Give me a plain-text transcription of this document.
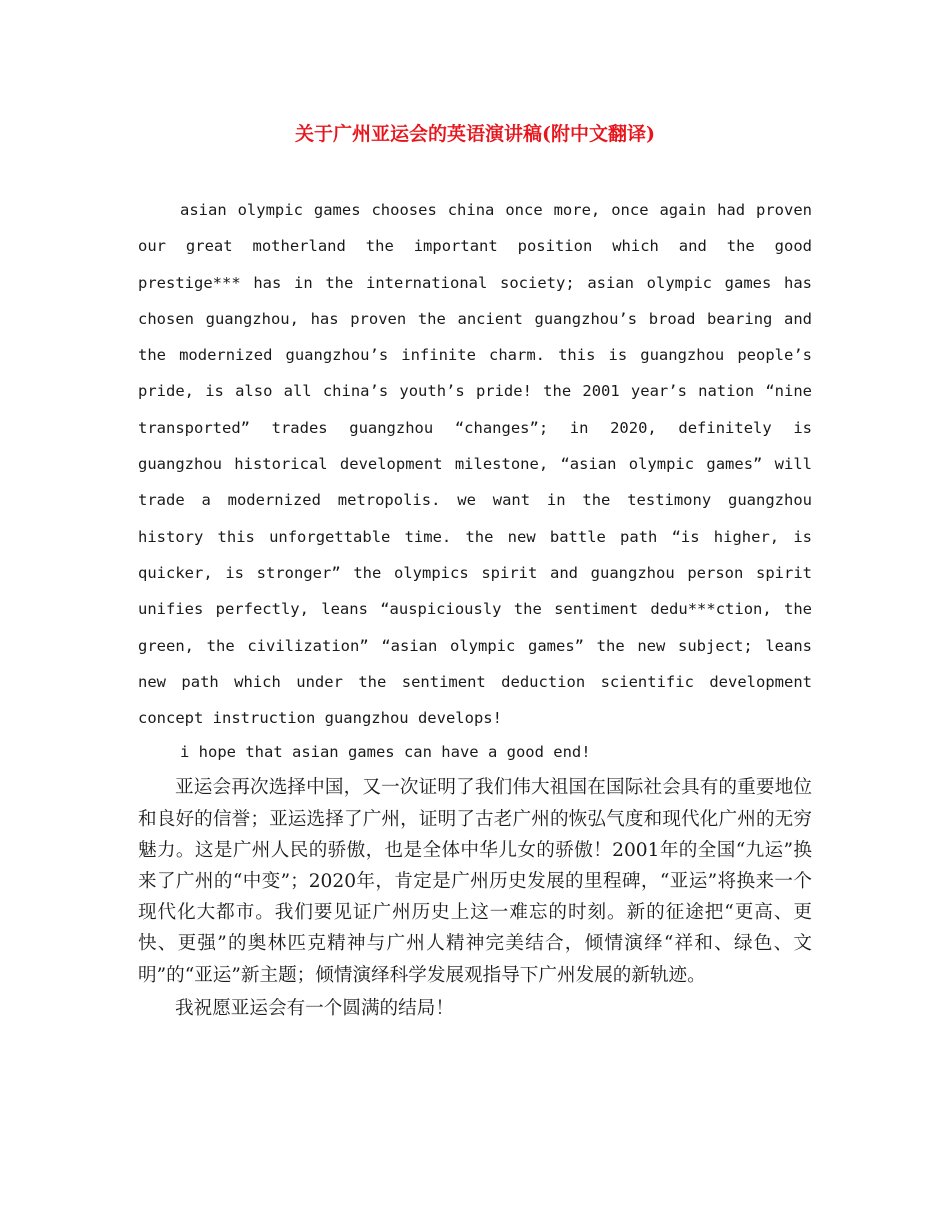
关于广州亚运会的英语演讲稿(附中文翻译)

asian olympic games chooses china once more, once again had proven our great motherland the important position which and the good prestige*** has in the international society; asian olympic games has chosen guangzhou, has proven the ancient guangzhou’s broad bearing and the modernized guangzhou’s infinite charm. this is guangzhou people’s pride, is also all china’s youth’s pride! the 2001 year’s nation “nine transported” trades guangzhou “changes”; in 2020, definitely is guangzhou historical development milestone, “asian olympic games” will trade a modernized metropolis. we want in the testimony guangzhou history this unforgettable time. the new battle path “is higher, is quicker, is stronger” the olympics spirit and guangzhou person spirit unifies perfectly, leans “auspiciously the sentiment dedu***ction, the green, the civilization” “asian olympic games” the new subject; leans new path which under the sentiment deduction scientific development concept instruction guangzhou develops!

i hope that asian games can have a good end!

亚运会再次选择中国，又一次证明了我们伟大祖国在国际社会具有的重要地位和良好的信誉；亚运选择了广州，证明了古老广州的恢弘气度和现代化广州的无穷魅力。这是广州人民的骄傲，也是全体中华儿女的骄傲！2001年的全国“九运”换来了广州的“中变”；2020年，肯定是广州历史发展的里程碑，“亚运”将换来一个现代化大都市。我们要见证广州历史上这一难忘的时刻。新的征途把“更高、更快、更强”的奥林匹克精神与广州人精神完美结合，倾情演绎“祥和、绿色、文明”的“亚运”新主题；倾情演绎科学发展观指导下广州发展的新轨迹。

我祝愿亚运会有一个圆满的结局！
